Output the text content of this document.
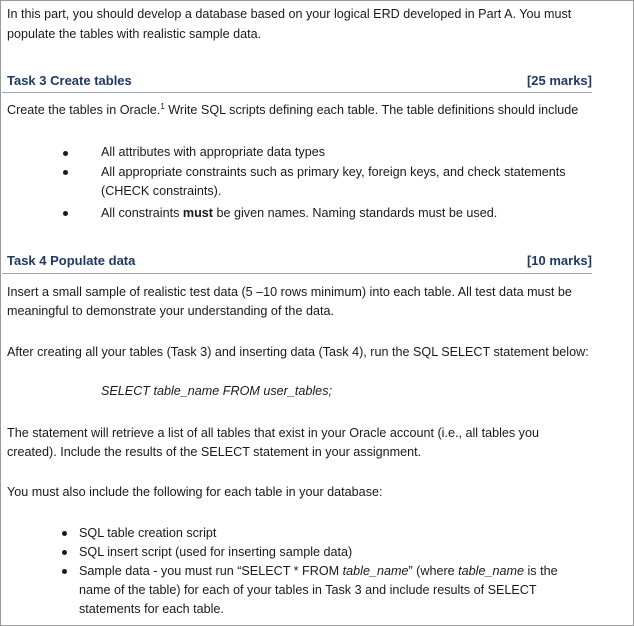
In this part, you should develop a database based on your logical ERD developed in Part A. You must
populate the tables with realistic sample data.
Task 3 Create tables	[25 marks]
Create the tables in Oracle.$^1$ Write SQL scripts defining each table. The table definitions should include
All attributes with appropriate data types
All appropriate constraints such as primary key, foreign keys, and check statements
(CHECK constraints).
All constraints must be given names. Naming standards must be used.
Task 4 Populate data	[10 marks]
Insert a small sample of realistic test data (5 –10 rows minimum) into each table. All test data must be
meaningful to demonstrate your understanding of the data.
After creating all your tables (Task 3) and inserting data (Task 4), run the SQL SELECT statement below:
SELECT table_name FROM user_tables;
The statement will retrieve a list of all tables that exist in your Oracle account (i.e., all tables you
created). Include the results of the SELECT statement in your assignment.
You must also include the following for each table in your database:
SQL table creation script
SQL insert script (used for inserting sample data)
Sample data - you must run “SELECT * FROM table_name” (where table_name is the
name of the table) for each of your tables in Task 3 and include results of SELECT
statements for each table.
